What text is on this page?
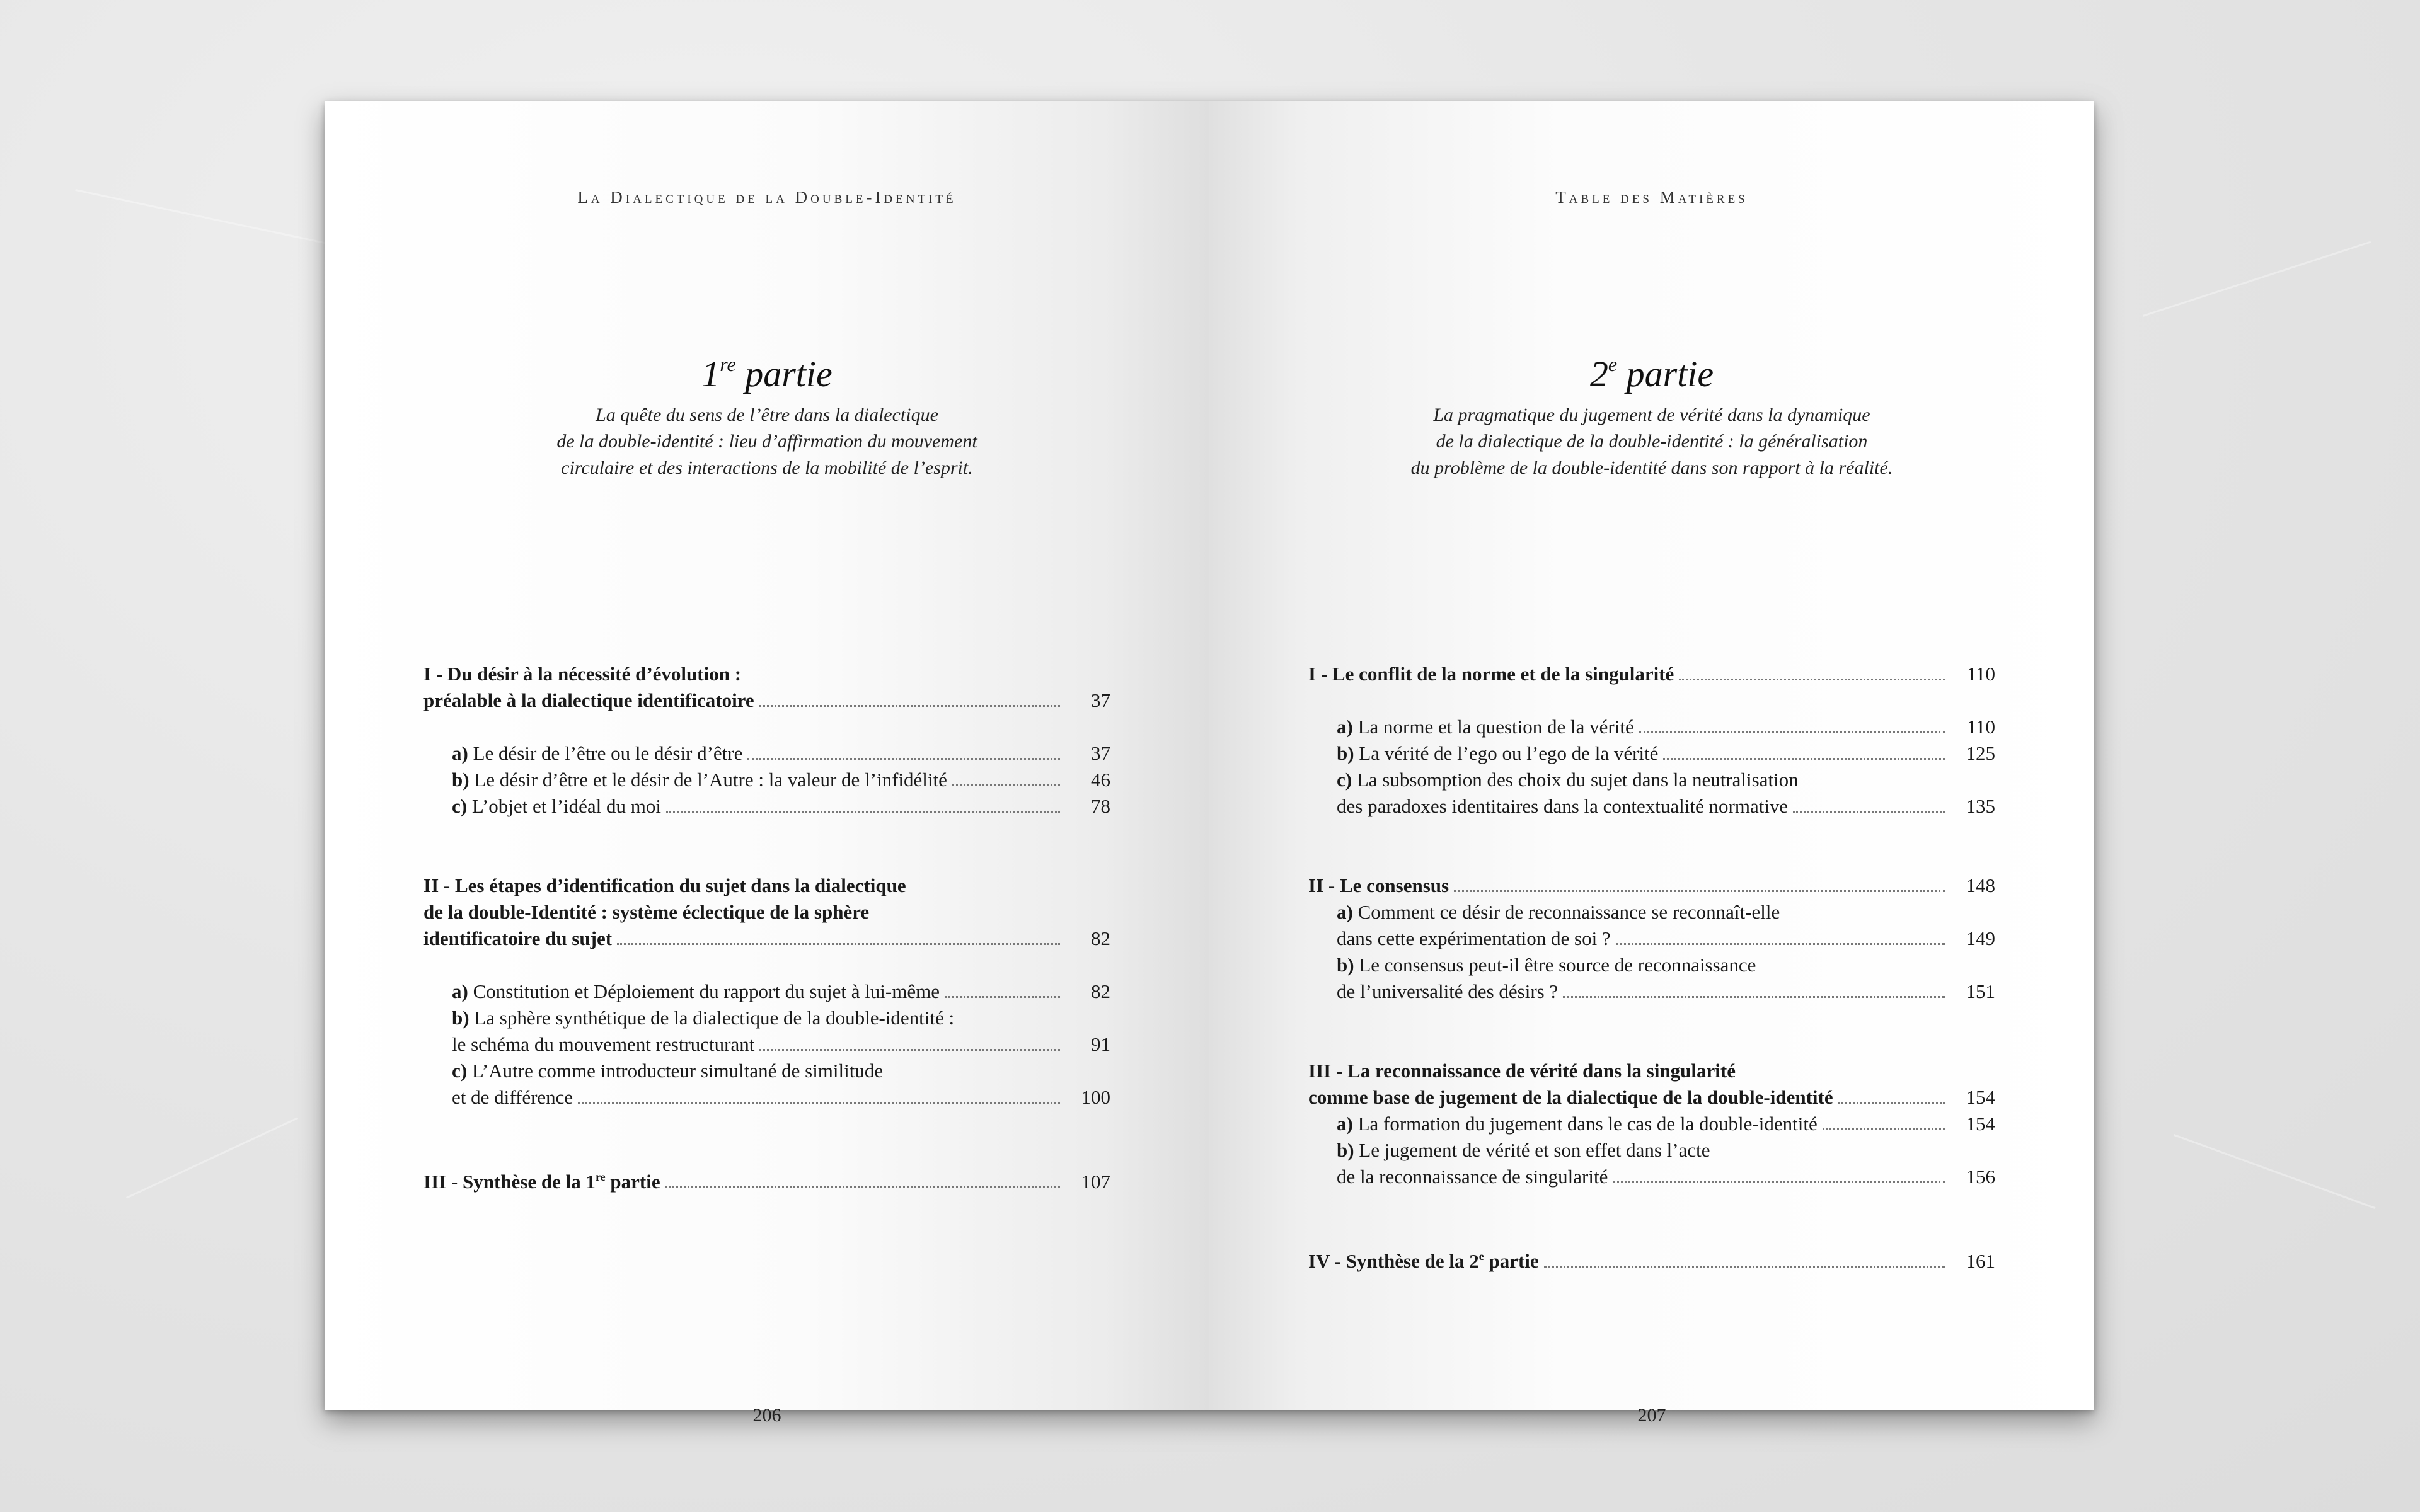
La Dialectique de la Double-Identité
1re partie
La quête du sens de l’être dans la dialectique
de la double-identité : lieu d’affirmation du mouvement
circulaire et des interactions de la mobilité de l’esprit.
I - Du désir à la nécessité d’évolution :
préalable à la dialectique identificatoire	37
a) Le désir de l’être ou le désir d’être	37
b) Le désir d’être et le désir de l’Autre : la valeur de l’infidélité	46
c) L’objet et l’idéal du moi	78
II - Les étapes d’identification du sujet dans la dialectique
de la double-Identité : système éclectique de la sphère
identificatoire du sujet	82
a) Constitution et Déploiement du rapport du sujet à lui-même	82
b) La sphère synthétique de la dialectique de la double-identité :
le schéma du mouvement restructurant	91
c) L’Autre comme introducteur simultané de similitude
et de différence	100
III - Synthèse de la 1re partie	107
206
Table des Matières
2e partie
La pragmatique du jugement de vérité dans la dynamique
de la dialectique de la double-identité : la généralisation
du problème de la double-identité dans son rapport à la réalité.
I - Le conflit de la norme et de la singularité	110
a) La norme et la question de la vérité	110
b) La vérité de l’ego ou l’ego de la vérité	125
c) La subsomption des choix du sujet dans la neutralisation
des paradoxes identitaires dans la contextualité normative	135
II - Le consensus	148
a) Comment ce désir de reconnaissance se reconnaît-elle
dans cette expérimentation de soi ?	149
b) Le consensus peut-il être source de reconnaissance
de l’universalité des désirs ?	151
III - La reconnaissance de vérité dans la singularité
comme base de jugement de la dialectique de la double-identité	154
a) La formation du jugement dans le cas de la double-identité	154
b) Le jugement de vérité et son effet dans l’acte
de la reconnaissance de singularité	156
IV - Synthèse de la 2e partie	161
207
